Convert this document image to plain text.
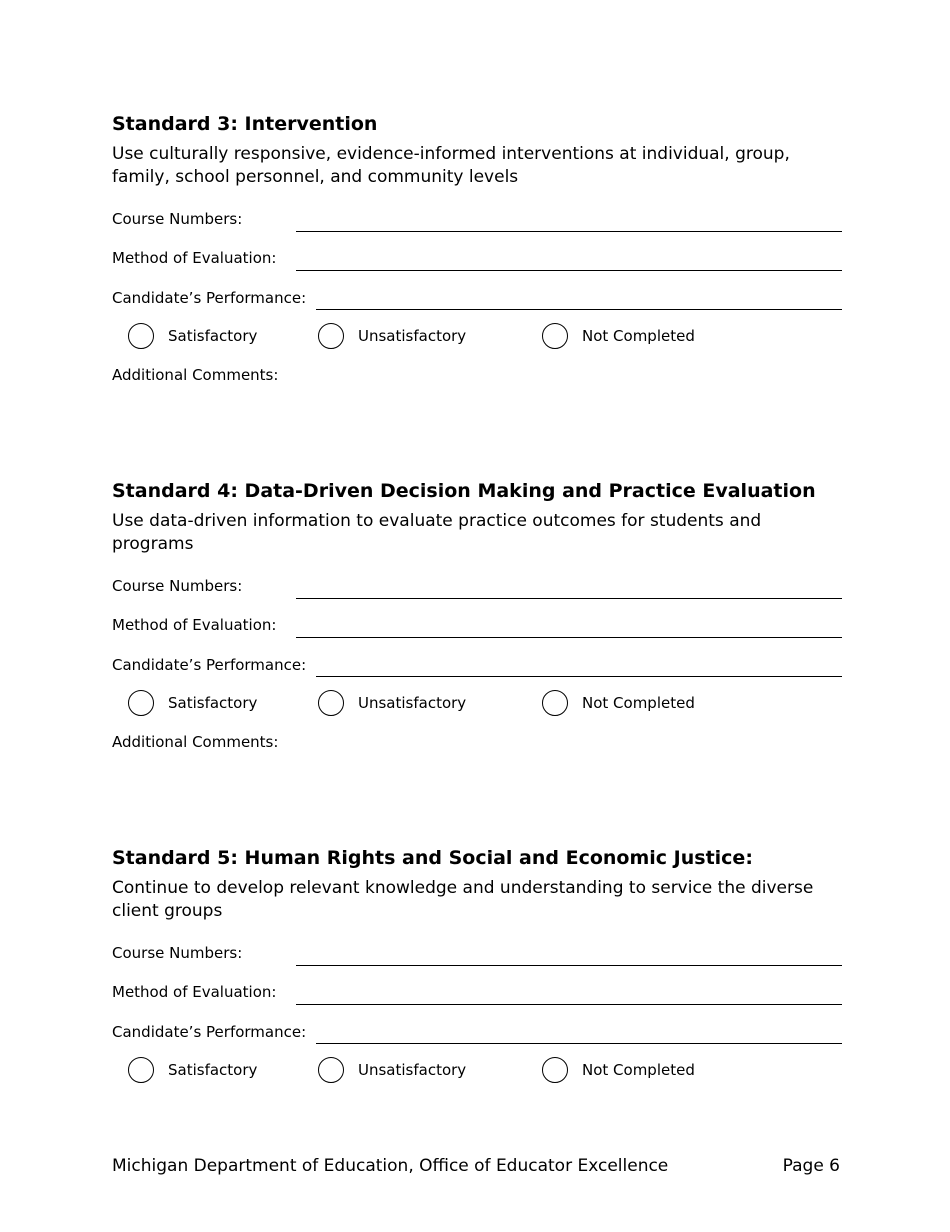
Standard 3: Intervention

Use culturally responsive, evidence-informed interventions at individual, group, family, school personnel, and community levels

Course Numbers:
Method of Evaluation:
Candidate’s Performance:
Satisfactory	Unsatisfactory	Not Completed
Additional Comments:
Standard 4: Data-Driven Decision Making and Practice Evaluation

Use data-driven information to evaluate practice outcomes for students and programs

Course Numbers:
Method of Evaluation:
Candidate’s Performance:
Satisfactory	Unsatisfactory	Not Completed
Additional Comments:
Standard 5: Human Rights and Social and Economic Justice:

Continue to develop relevant knowledge and understanding to service the diverse client groups

Course Numbers:
Method of Evaluation:
Candidate’s Performance:
Satisfactory	Unsatisfactory	Not Completed
Michigan Department of Education, Office of Educator Excellence	Page 6
